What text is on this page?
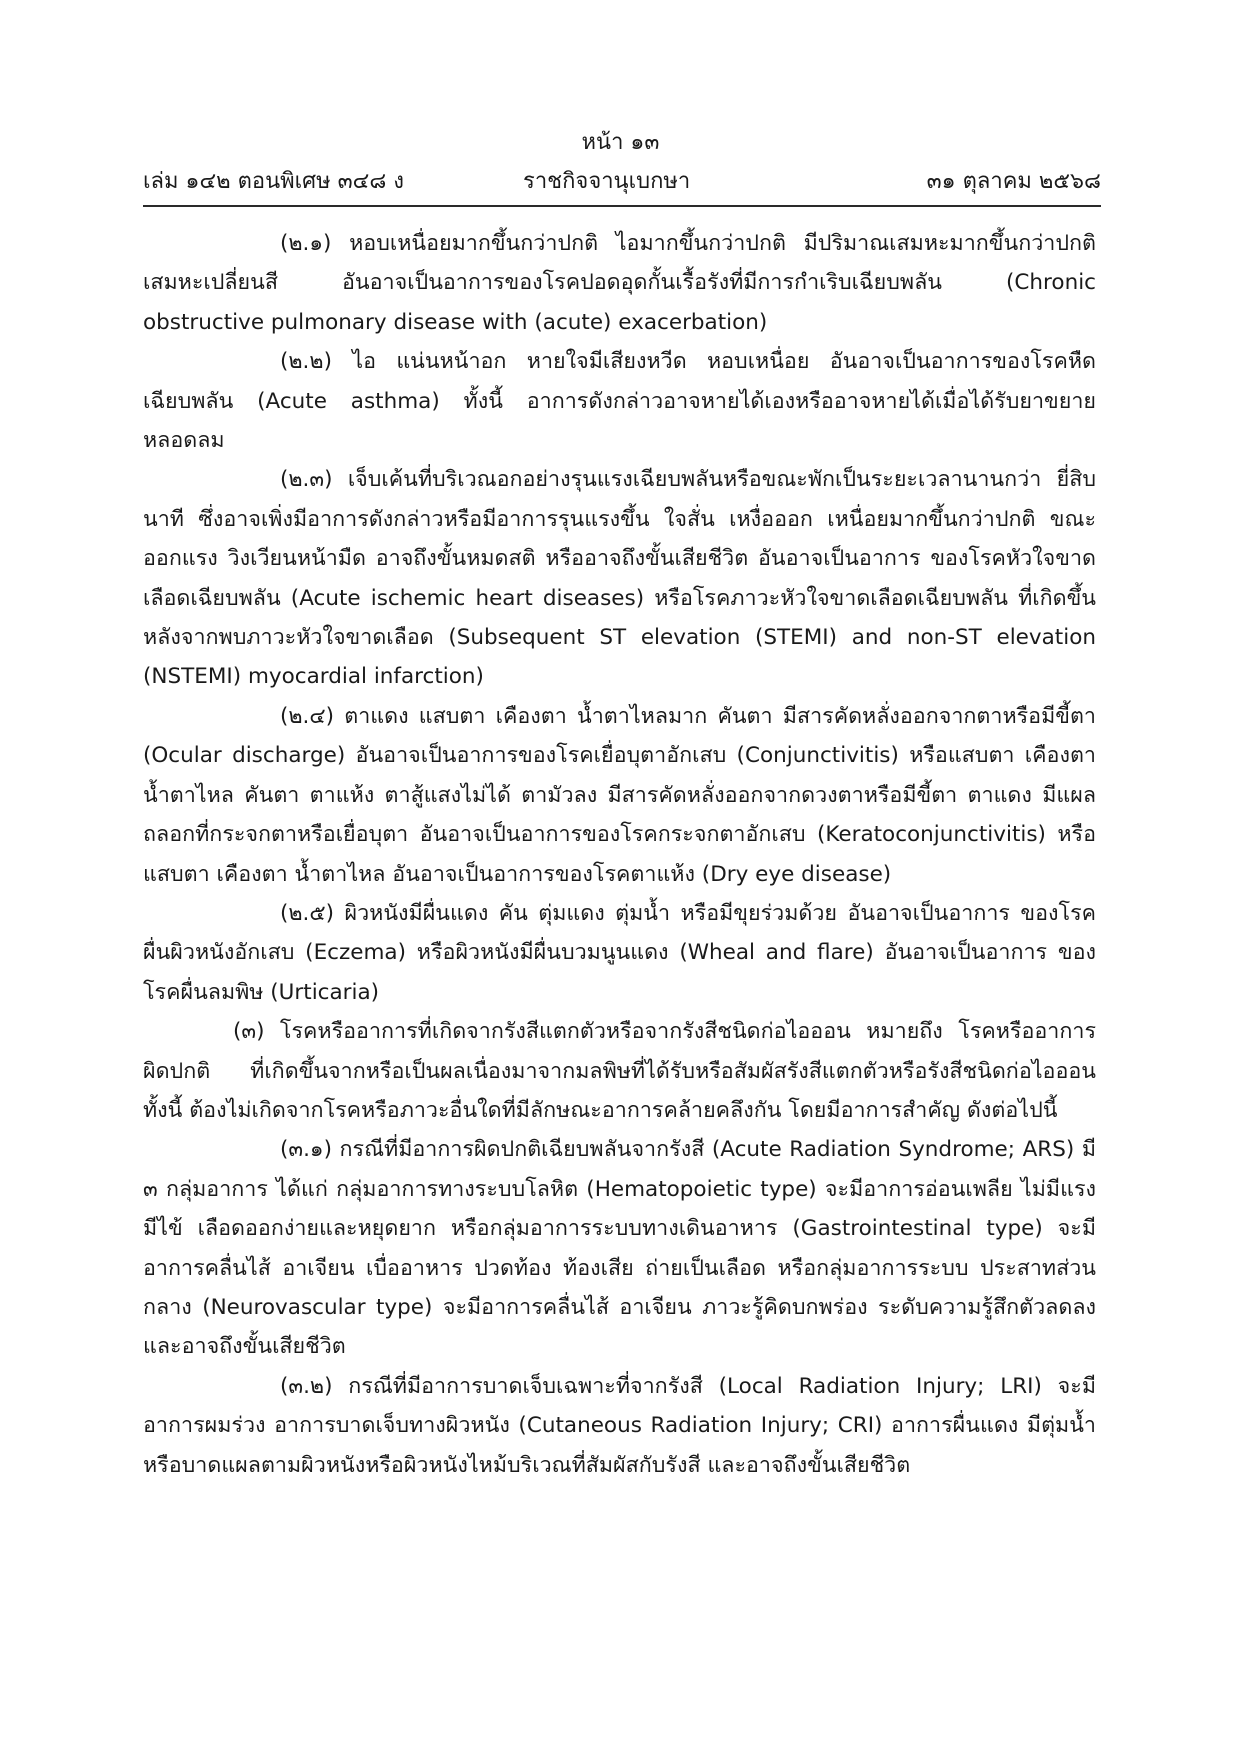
หน้า ๑๓
เล่ม ๑๔๒ ตอนพิเศษ ๓๔๘ ง	ราชกิจจานุเบกษา	๓๑ ตุลาคม ๒๕๖๘

(๒.๑) หอบเหนื่อยมากขึ้นกว่าปกติ ไอมากขึ้นกว่าปกติ มีปริมาณเสมหะมากขึ้นกว่าปกติ เสมหะเปลี่ยนสี อันอาจเป็นอาการของโรคปอดอุดกั้นเรื้อรังที่มีการกำเริบเฉียบพลัน (Chronic obstructive pulmonary disease with (acute) exacerbation)

(๒.๒) ไอ แน่นหน้าอก หายใจมีเสียงหวีด หอบเหนื่อย อันอาจเป็นอาการของโรคหืดเฉียบพลัน (Acute asthma) ทั้งนี้ อาการดังกล่าวอาจหายได้เองหรืออาจหายได้เมื่อได้รับยาขยายหลอดลม

(๒.๓) เจ็บเค้นที่บริเวณอกอย่างรุนแรงเฉียบพลันหรือขณะพักเป็นระยะเวลานานกว่า ยี่สิบนาที ซึ่งอาจเพิ่งมีอาการดังกล่าวหรือมีอาการรุนแรงขึ้น ใจสั่น เหงื่อออก เหนื่อยมากขึ้นกว่าปกติ ขณะออกแรง วิงเวียนหน้ามืด อาจถึงขั้นหมดสติ หรืออาจถึงขั้นเสียชีวิต อันอาจเป็นอาการ ของโรคหัวใจขาดเลือดเฉียบพลัน (Acute ischemic heart diseases) หรือโรคภาวะหัวใจขาดเลือดเฉียบพลัน ที่เกิดขึ้นหลังจากพบภาวะหัวใจขาดเลือด (Subsequent ST elevation (STEMI) and non-ST elevation (NSTEMI) myocardial infarction)

(๒.๔) ตาแดง แสบตา เคืองตา น้ำตาไหลมาก คันตา มีสารคัดหลั่งออกจากตาหรือมีขี้ตา (Ocular discharge) อันอาจเป็นอาการของโรคเยื่อบุตาอักเสบ (Conjunctivitis) หรือแสบตา เคืองตา น้ำตาไหล คันตา ตาแห้ง ตาสู้แสงไม่ได้ ตามัวลง มีสารคัดหลั่งออกจากดวงตาหรือมีขี้ตา ตาแดง มีแผลถลอกที่กระจกตาหรือเยื่อบุตา อันอาจเป็นอาการของโรคกระจกตาอักเสบ (Keratoconjunctivitis) หรือแสบตา เคืองตา น้ำตาไหล อันอาจเป็นอาการของโรคตาแห้ง (Dry eye disease)

(๒.๕) ผิวหนังมีผื่นแดง คัน ตุ่มแดง ตุ่มน้ำ หรือมีขุยร่วมด้วย อันอาจเป็นอาการ ของโรคผื่นผิวหนังอักเสบ (Eczema) หรือผิวหนังมีผื่นบวมนูนแดง (Wheal and flare) อันอาจเป็นอาการ ของโรคผื่นลมพิษ (Urticaria)

(๓) โรคหรืออาการที่เกิดจากรังสีแตกตัวหรือจากรังสีชนิดก่อไอออน หมายถึง โรคหรืออาการผิดปกติ ที่เกิดขึ้นจากหรือเป็นผลเนื่องมาจากมลพิษที่ได้รับหรือสัมผัสรังสีแตกตัวหรือรังสีชนิดก่อไอออน ทั้งนี้ ต้องไม่เกิดจากโรคหรือภาวะอื่นใดที่มีลักษณะอาการคล้ายคลึงกัน โดยมีอาการสำคัญ ดังต่อไปนี้

(๓.๑) กรณีที่มีอาการผิดปกติเฉียบพลันจากรังสี (Acute Radiation Syndrome; ARS) มี ๓ กลุ่มอาการ ได้แก่ กลุ่มอาการทางระบบโลหิต (Hematopoietic type) จะมีอาการอ่อนเพลีย ไม่มีแรง มีไข้ เลือดออกง่ายและหยุดยาก หรือกลุ่มอาการระบบทางเดินอาหาร (Gastrointestinal type) จะมีอาการคลื่นไส้ อาเจียน เบื่ออาหาร ปวดท้อง ท้องเสีย ถ่ายเป็นเลือด หรือกลุ่มอาการระบบ ประสาทส่วนกลาง (Neurovascular type) จะมีอาการคลื่นไส้ อาเจียน ภาวะรู้คิดบกพร่อง ระดับความรู้สึกตัวลดลง และอาจถึงขั้นเสียชีวิต

(๓.๒) กรณีที่มีอาการบาดเจ็บเฉพาะที่จากรังสี (Local Radiation Injury; LRI) จะมีอาการผมร่วง อาการบาดเจ็บทางผิวหนัง (Cutaneous Radiation Injury; CRI) อาการผื่นแดง มีตุ่มน้ำ หรือบาดแผลตามผิวหนังหรือผิวหนังไหม้บริเวณที่สัมผัสกับรังสี และอาจถึงขั้นเสียชีวิต
